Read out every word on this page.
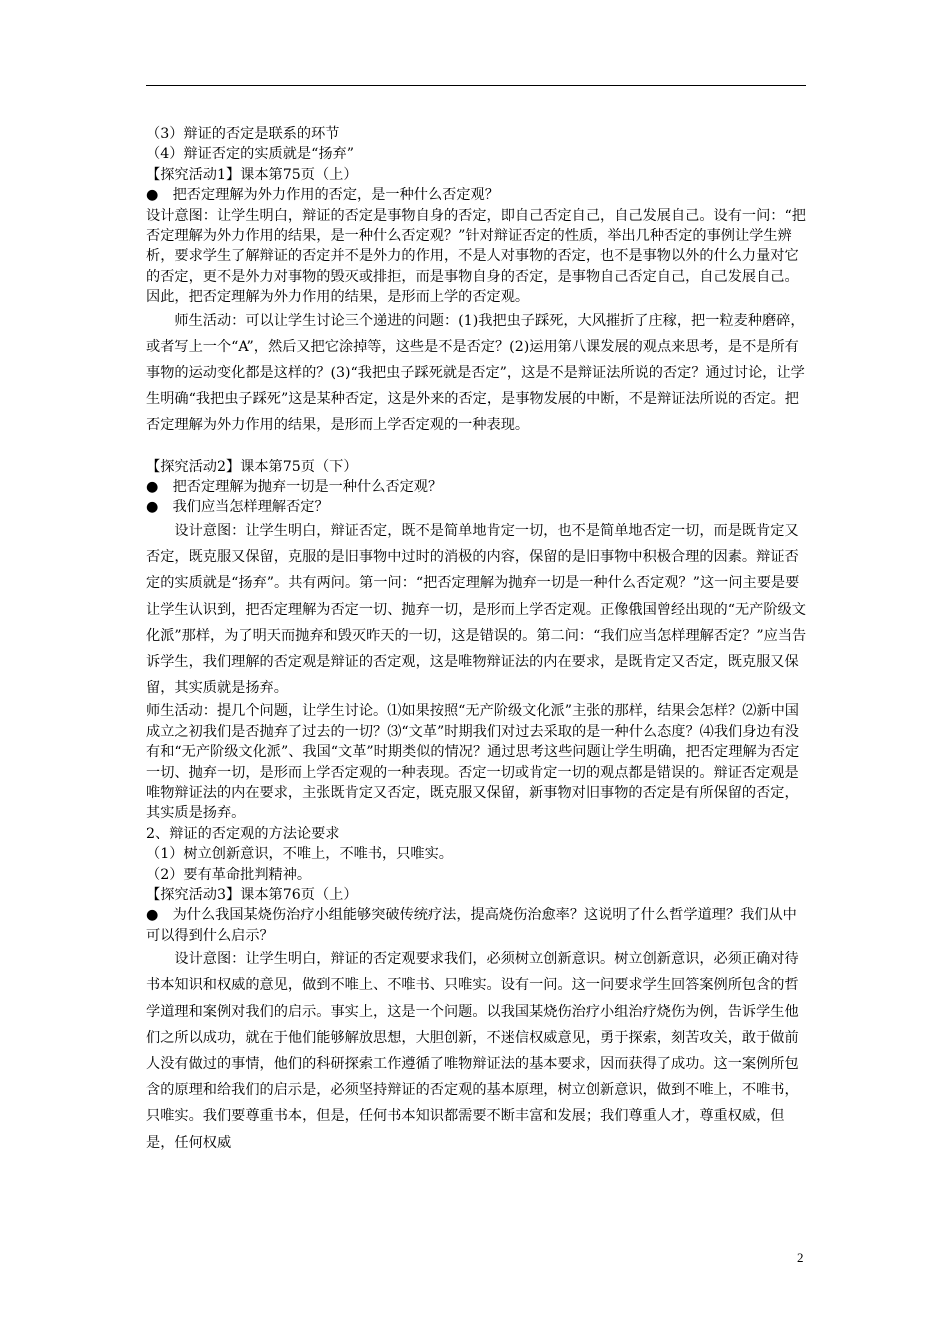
（3）辩证的否定是联系的环节

（4）辩证否定的实质就是“扬弃”

【探究活动1】课本第75页（上）

●　把否定理解为外力作用的否定，是一种什么否定观？

设计意图：让学生明白，辩证的否定是事物自身的否定，即自己否定自己，自己发展自己。设有一问：“把否定理解为外力作用的结果，是一种什么否定观？”针对辩证否定的性质，举出几种否定的事例让学生辨析，要求学生了解辩证的否定并不是外力的作用，不是人对事物的否定，也不是事物以外的什么力量对它的否定，更不是外力对事物的毁灭或排拒，而是事物自身的否定，是事物自己否定自己，自己发展自己。因此，把否定理解为外力作用的结果，是形而上学的否定观。

师生活动：可以让学生讨论三个递进的问题：(1)我把虫子踩死，大风摧折了庄稼，把一粒麦种磨碎，或者写上一个“A”，然后又把它涂掉等，这些是不是否定？(2)运用第八课发展的观点来思考，是不是所有事物的运动变化都是这样的？(3)“我把虫子踩死就是否定”，这是不是辩证法所说的否定？通过讨论，让学生明确“我把虫子踩死”这是某种否定，这是外来的否定，是事物发展的中断，不是辩证法所说的否定。把否定理解为外力作用的结果，是形而上学否定观的一种表现。

【探究活动2】课本第75页（下）

●　把否定理解为抛弃一切是一种什么否定观？

●　我们应当怎样理解否定？

设计意图：让学生明白，辩证否定，既不是简单地肯定一切，也不是简单地否定一切，而是既肯定又否定，既克服又保留，克服的是旧事物中过时的消极的内容，保留的是旧事物中积极合理的因素。辩证否定的实质就是“扬弃”。共有两问。第一问：“把否定理解为抛弃一切是一种什么否定观？”这一问主要是要让学生认识到，把否定理解为否定一切、抛弃一切，是形而上学否定观。正像俄国曾经出现的“无产阶级文化派”那样，为了明天而抛弃和毁灭昨天的一切，这是错误的。第二问：“我们应当怎样理解否定？”应当告诉学生，我们理解的否定观是辩证的否定观，这是唯物辩证法的内在要求，是既肯定又否定，既克服又保留，其实质就是扬弃。

师生活动：提几个问题，让学生讨论。⑴如果按照“无产阶级文化派”主张的那样，结果会怎样？⑵新中国成立之初我们是否抛弃了过去的一切？⑶“文革”时期我们对过去采取的是一种什么态度？⑷我们身边有没有和“无产阶级文化派”、我国“文革”时期类似的情况？通过思考这些问题让学生明确，把否定理解为否定一切、抛弃一切，是形而上学否定观的一种表现。否定一切或肯定一切的观点都是错误的。辩证否定观是唯物辩证法的内在要求，主张既肯定又否定，既克服又保留，新事物对旧事物的否定是有所保留的否定，其实质是扬弃。

2、辩证的否定观的方法论要求

（1）树立创新意识，不唯上，不唯书，只唯实。

（2）要有革命批判精神。

【探究活动3】课本第76页（上）

●　为什么我国某烧伤治疗小组能够突破传统疗法，提高烧伤治愈率？这说明了什么哲学道理？我们从中可以得到什么启示？

设计意图：让学生明白，辩证的否定观要求我们，必须树立创新意识。树立创新意识，必须正确对待书本知识和权威的意见，做到不唯上、不唯书、只唯实。设有一问。这一问要求学生回答案例所包含的哲学道理和案例对我们的启示。事实上，这是一个问题。以我国某烧伤治疗小组治疗烧伤为例，告诉学生他们之所以成功，就在于他们能够解放思想，大胆创新，不迷信权威意见，勇于探索，刻苦攻关，敢于做前人没有做过的事情，他们的科研探索工作遵循了唯物辩证法的基本要求，因而获得了成功。这一案例所包含的原理和给我们的启示是，必须坚持辩证的否定观的基本原理，树立创新意识，做到不唯上，不唯书，只唯实。我们要尊重书本，但是，任何书本知识都需要不断丰富和发展；我们尊重人才，尊重权威，但是，任何权威

2
